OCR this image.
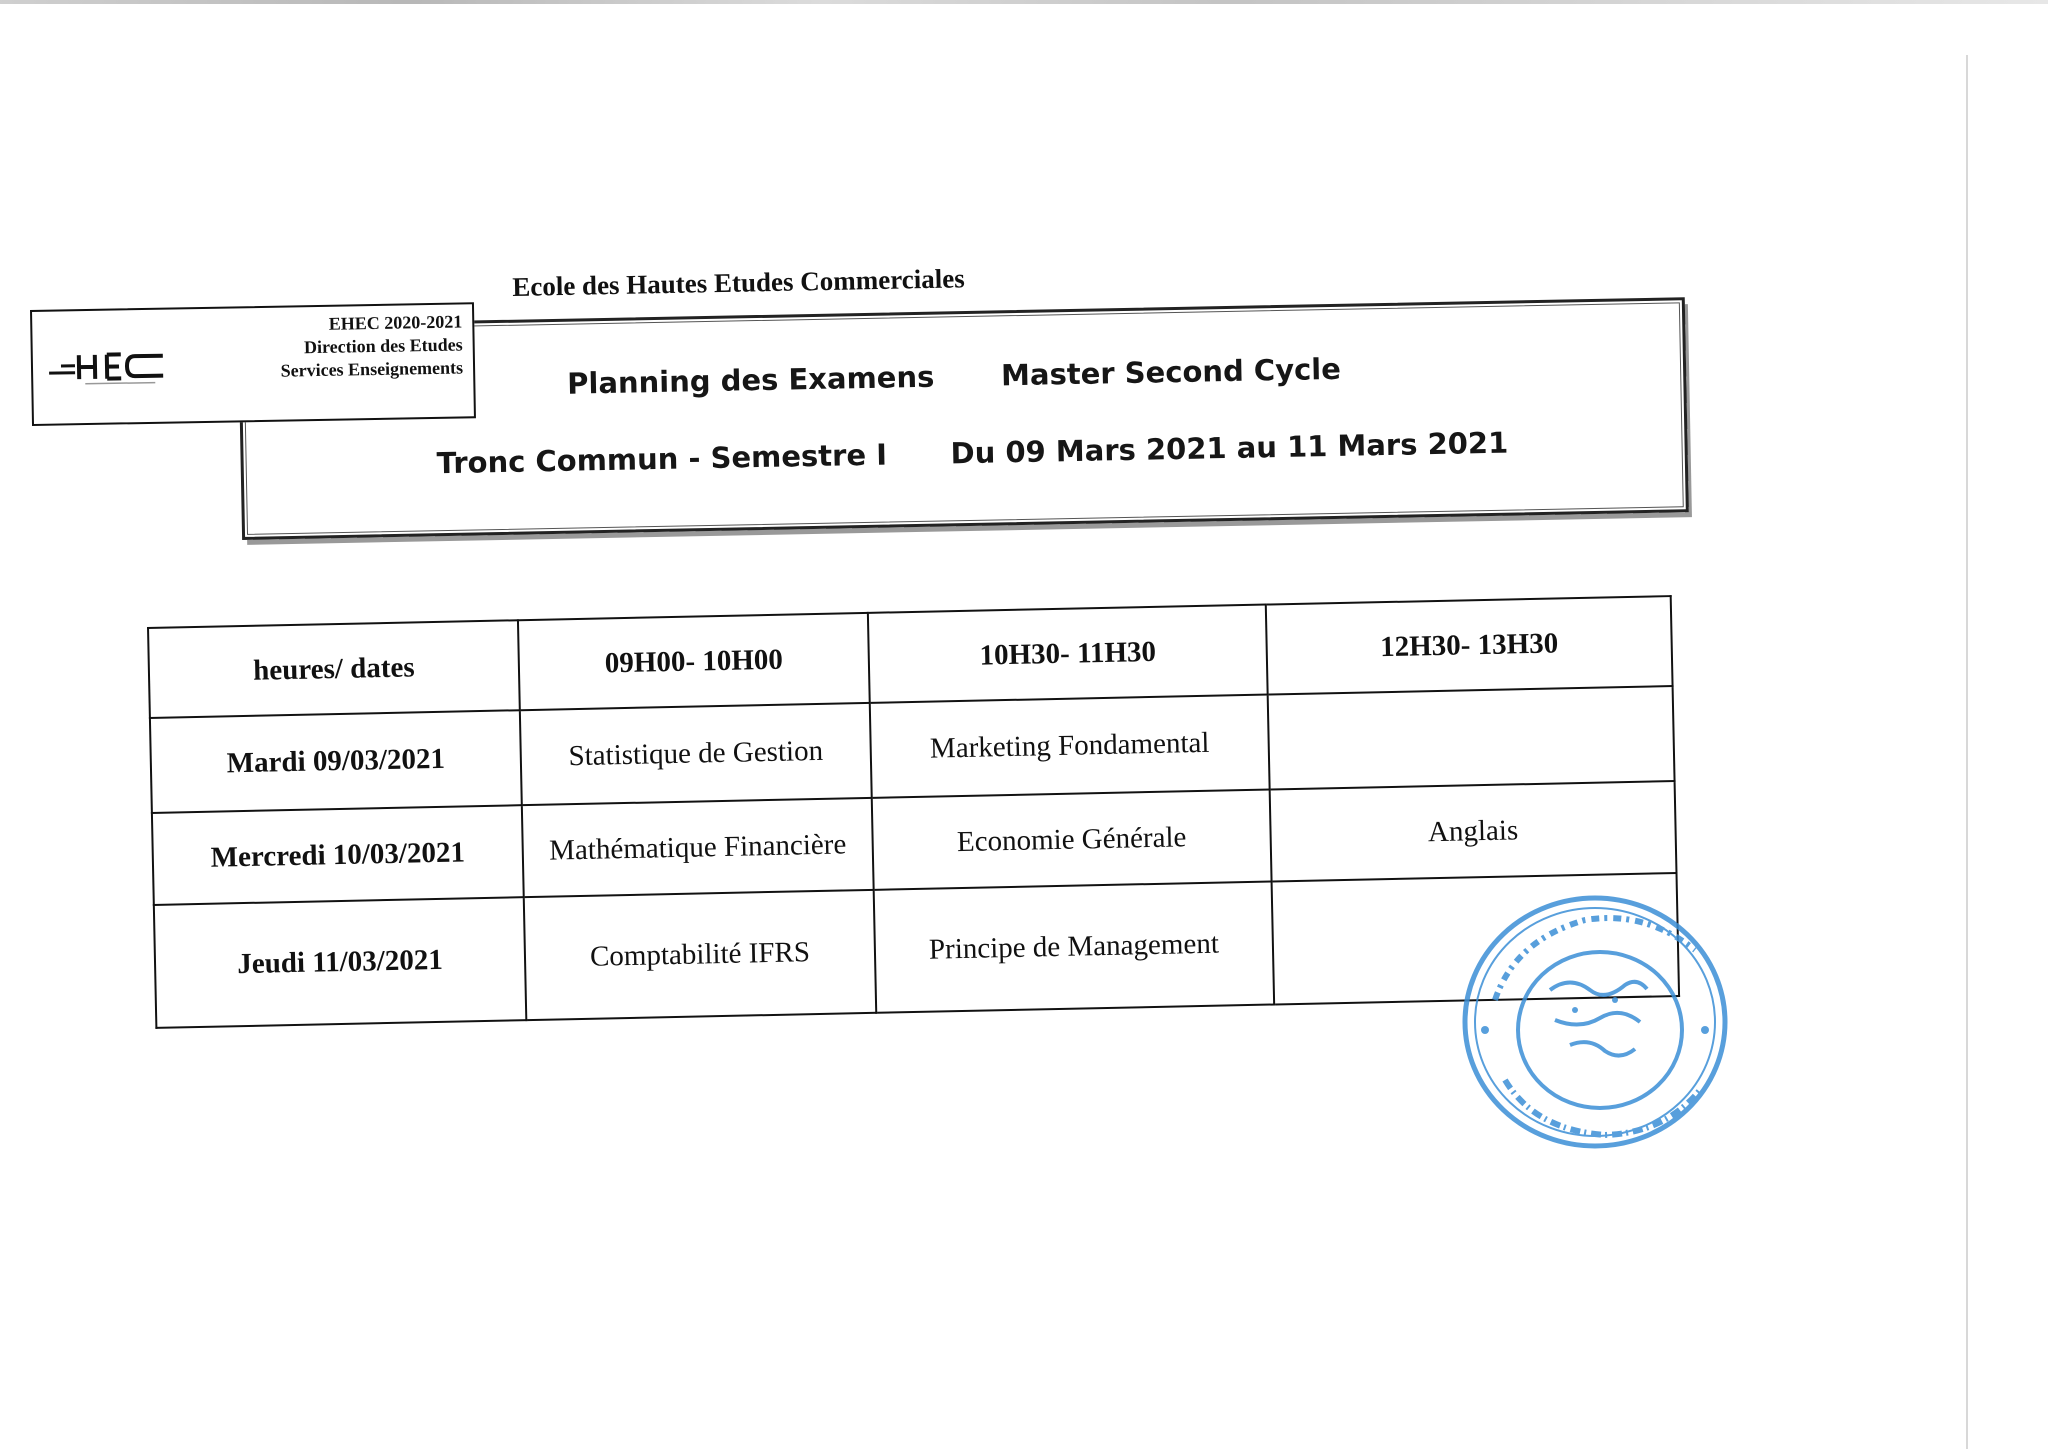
Ecole des Hautes Etudes Commerciales
EHEC 2020-2021
Direction des Etudes
Services Enseignements	Planning des Examens Master Second Cycle
Tronc Commun - Semestre I Du 09 Mars 2021 au 11 Mars 2021
heures/ dates	09H00- 10H00	10H30- 11H30	12H30- 13H30
Mardi 09/03/2021	Statistique de Gestion	Marketing Fondamental	
Mercredi 10/03/2021	Mathématique Financière	Economie Générale	Anglais
Jeudi 11/03/2021	Comptabilité IFRS	Principe de Management	
